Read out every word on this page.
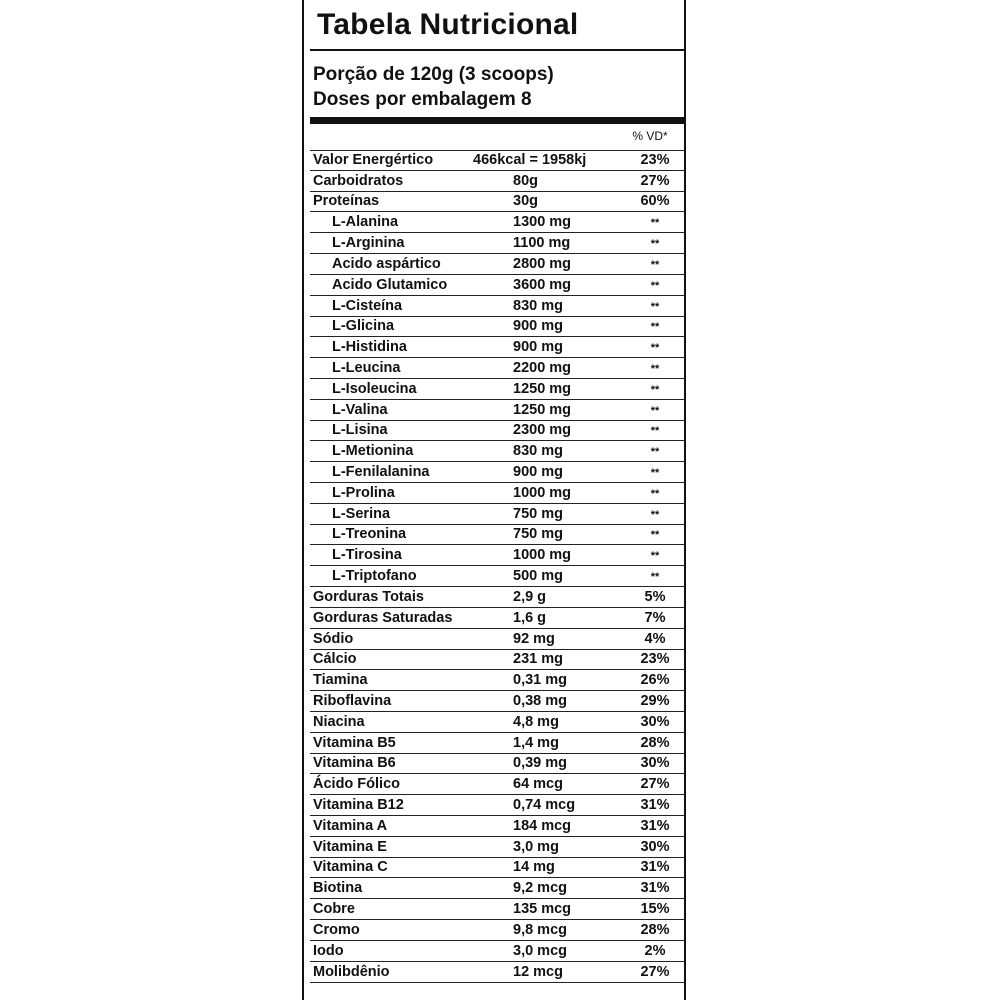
Tabela Nutricional
Porção de 120g (3 scoops)
Doses por embalagem 8
% VD*
Valor Energértico	466kcal = 1958kj	23%
Carboidratos	80g	27%
Proteínas	30g	60%
L-Alanina	1300 mg	**
L-Arginina	1100 mg	**
Acido aspártico	2800 mg	**
Acido Glutamico	3600 mg	**
L-Cisteína	830 mg	**
L-Glicina	900 mg	**
L-Histidina	900 mg	**
L-Leucina	2200 mg	**
L-Isoleucina	1250 mg	**
L-Valina	1250 mg	**
L-Lisina	2300 mg	**
L-Metionina	830 mg	**
L-Fenilalanina	900 mg	**
L-Prolina	1000 mg	**
L-Serina	750 mg	**
L-Treonina	750 mg	**
L-Tirosina	1000 mg	**
L-Triptofano	500 mg	**
Gorduras Totais	2,9 g	5%
Gorduras Saturadas	1,6 g	7%
Sódio	92 mg	4%
Cálcio	231 mg	23%
Tiamina	0,31 mg	26%
Riboflavina	0,38 mg	29%
Niacina	4,8 mg	30%
Vitamina B5	1,4 mg	28%
Vitamina B6	0,39 mg	30%
Ácido Fólico	64 mcg	27%
Vitamina B12	0,74 mcg	31%
Vitamina A	184 mcg	31%
Vitamina E	3,0 mg	30%
Vitamina C	14 mg	31%
Biotina	9,2 mcg	31%
Cobre	135 mcg	15%
Cromo	9,8 mcg	28%
Iodo	3,0 mcg	2%
Molibdênio	12 mcg	27%
